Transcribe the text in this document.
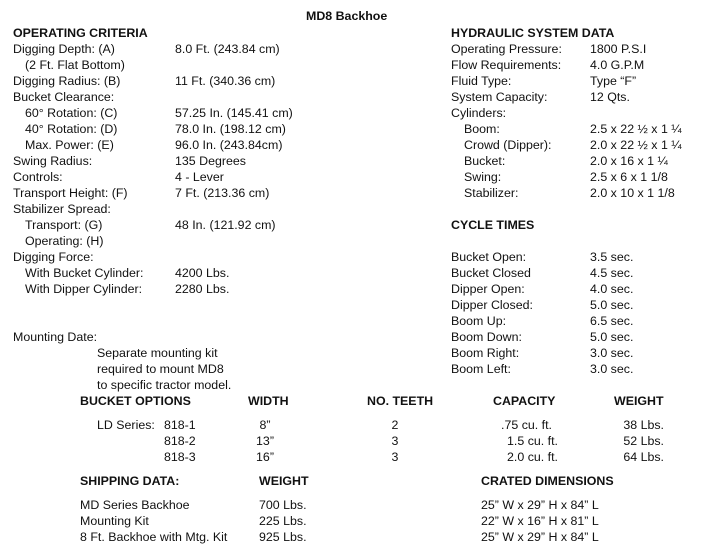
MD8 Backhoe
OPERATING CRITERIA
Digging Depth: (A)	8.0 Ft. (243.84 cm)
(2 Ft. Flat Bottom)
Digging Radius: (B)	11 Ft. (340.36 cm)
Bucket Clearance:
60° Rotation: (C)	57.25 In. (145.41 cm)
40° Rotation: (D)	78.0 In. (198.12 cm)
Max. Power: (E)	96.0 In. (243.84cm)
Swing Radius:	135 Degrees
Controls:	4 - Lever
Transport Height: (F)	7 Ft. (213.36 cm)
Stabilizer Spread:
Transport: (G)	48 In. (121.92 cm)
Operating: (H)
Digging Force:
With Bucket Cylinder:	4200 Lbs.
With Dipper Cylinder:	2280 Lbs.
Mounting Date:
Separate mounting kit
required to mount MD8
to specific tractor model.
HYDRAULIC SYSTEM DATA
Operating Pressure: 1800 P.S.I
Flow Requirements: 4.0 G.P.M
Fluid Type:	Type “F”
System Capacity:	12 Qts.
Cylinders:
Boom:	2.5 x 22 ½ x 1 ¼
Crowd (Dipper):	2.0 x 22 ½ x 1 ¼
Bucket:	2.0 x 16 x 1 ¼
Swing:	2.5 x 6 x 1 1/8
Stabilizer:	2.0 x 10 x 1 1/8
CYCLE TIMES
Bucket Open:	3.5 sec.
Bucket Closed	4.5 sec.
Dipper Open:	4.0 sec.
Dipper Closed:	5.0 sec.
Boom Up:	6.5 sec.
Boom Down:	5.0 sec.
Boom Right:	3.0 sec.
Boom Left:	3.0 sec.
BUCKET OPTIONS	WIDTH	NO. TEETH	CAPACITY	WEIGHT
LD Series: 818-1	8”	2	.75 cu. ft.	38 Lbs.
818-2	13”	3	1.5 cu. ft.	52 Lbs.
818-3	16”	3	2.0 cu. ft.	64 Lbs.
SHIPPING DATA:	WEIGHT	CRATED DIMENSIONS
MD Series Backhoe	700 Lbs.	25” W x 29” H x 84” L
Mounting Kit	225 Lbs.	22” W x 16” H x 81” L
8 Ft. Backhoe with Mtg. Kit	925 Lbs.	25” W x 29” H x 84” L
